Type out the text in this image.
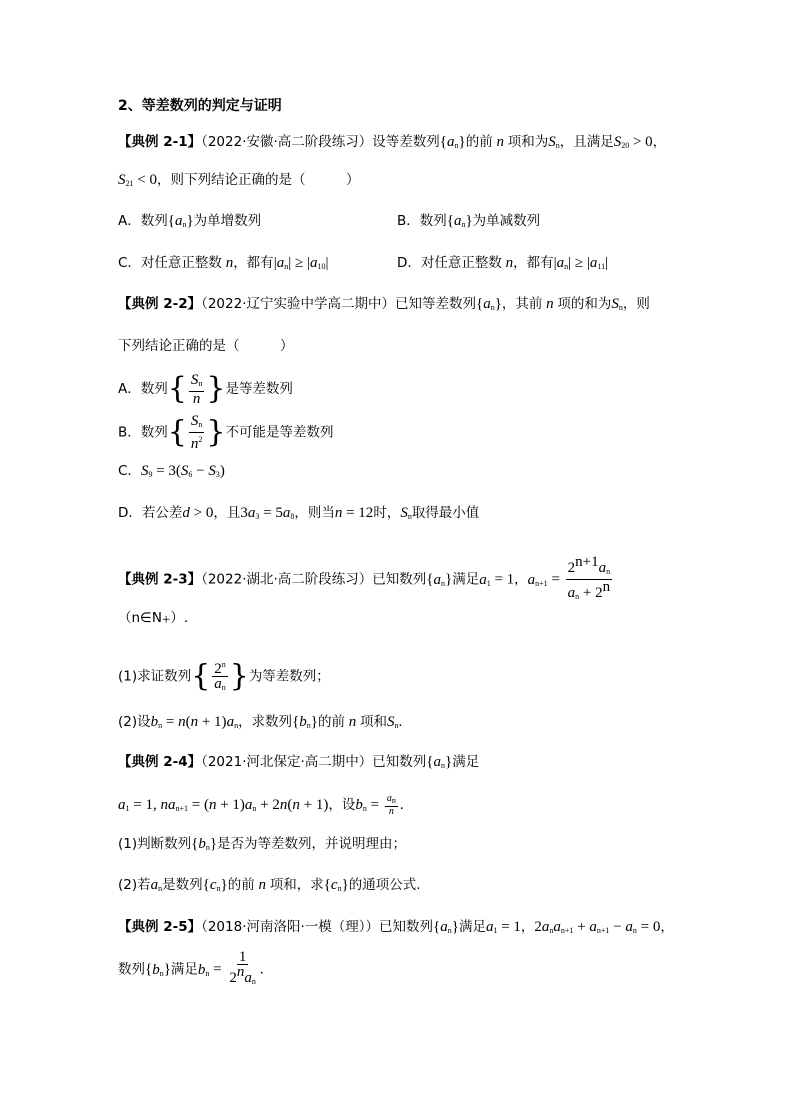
2、等差数列的判定与证明
【典例 2-1】（2022·安徽·高二阶段练习）设等差数列$\{a_n\}$的前 n 项和为$S_n$，且满足$S_{20} > 0$，
$S_{21} < 0$，则下列结论正确的是（　　　）
A．数列$\{a_n\}$为单增数列	B．数列$\{a_n\}$为单减数列
C．对任意正整数 n，都有$|a_n| \ge |a_{10}|$	D．对任意正整数 n，都有$|a_n| \ge |a_{11}|$
【典例 2-2】（2022·辽宁实验中学高二期中）已知等差数列$\{a_n\}$，其前 n 项的和为$S_n$，则
下列结论正确的是（　　　）
A．数列{ $\frac{S_n}{n}$ }是等差数列
B．数列{ $\frac{S_n}{n^2}$ }不可能是等差数列
C．$S_9 = 3(S_6 - S_3)$
D．若公差d > 0，且$3a_3 = 5a_8$，则当n = 12时，$S_n$取得最小值
【典例 2-3】（2022·湖北·高二阶段练习）已知数列$\{a_n\}$满足$a_1 = 1$，$a_{n+1} = \frac{2^{n+1}a_n}{a_n + 2^n}$
$(n\in N_+)$.
(1)求证数列{ $\frac{2^n}{a_n}$ }为等差数列；
(2)设$b_n = n(n + 1)a_n$，求数列$\{b_n\}$的前 n 项和$S_n$.
【典例 2-4】（2021·河北保定·高二期中）已知数列$\{a_n\}$满足
$a_1 = 1$, $na_{n+1} = (n + 1)a_n + 2n(n + 1)$，设$b_n = \frac{a_n}{n}$ .
(1)判断数列$\{b_n\}$是否为等差数列，并说明理由；
(2)若$a_n$是数列$\{c_n\}$的前 n 项和，求$\{c_n\}$的通项公式.
【典例 2-5】（2018·河南洛阳·一模（理））已知数列$\{a_n\}$满足$a_1 = 1$，$2a_na_{n+1} + a_{n+1} - a_n = 0$，
数列$\{b_n\}$满足$b_n = \frac{1}{2^na_n}$ .
